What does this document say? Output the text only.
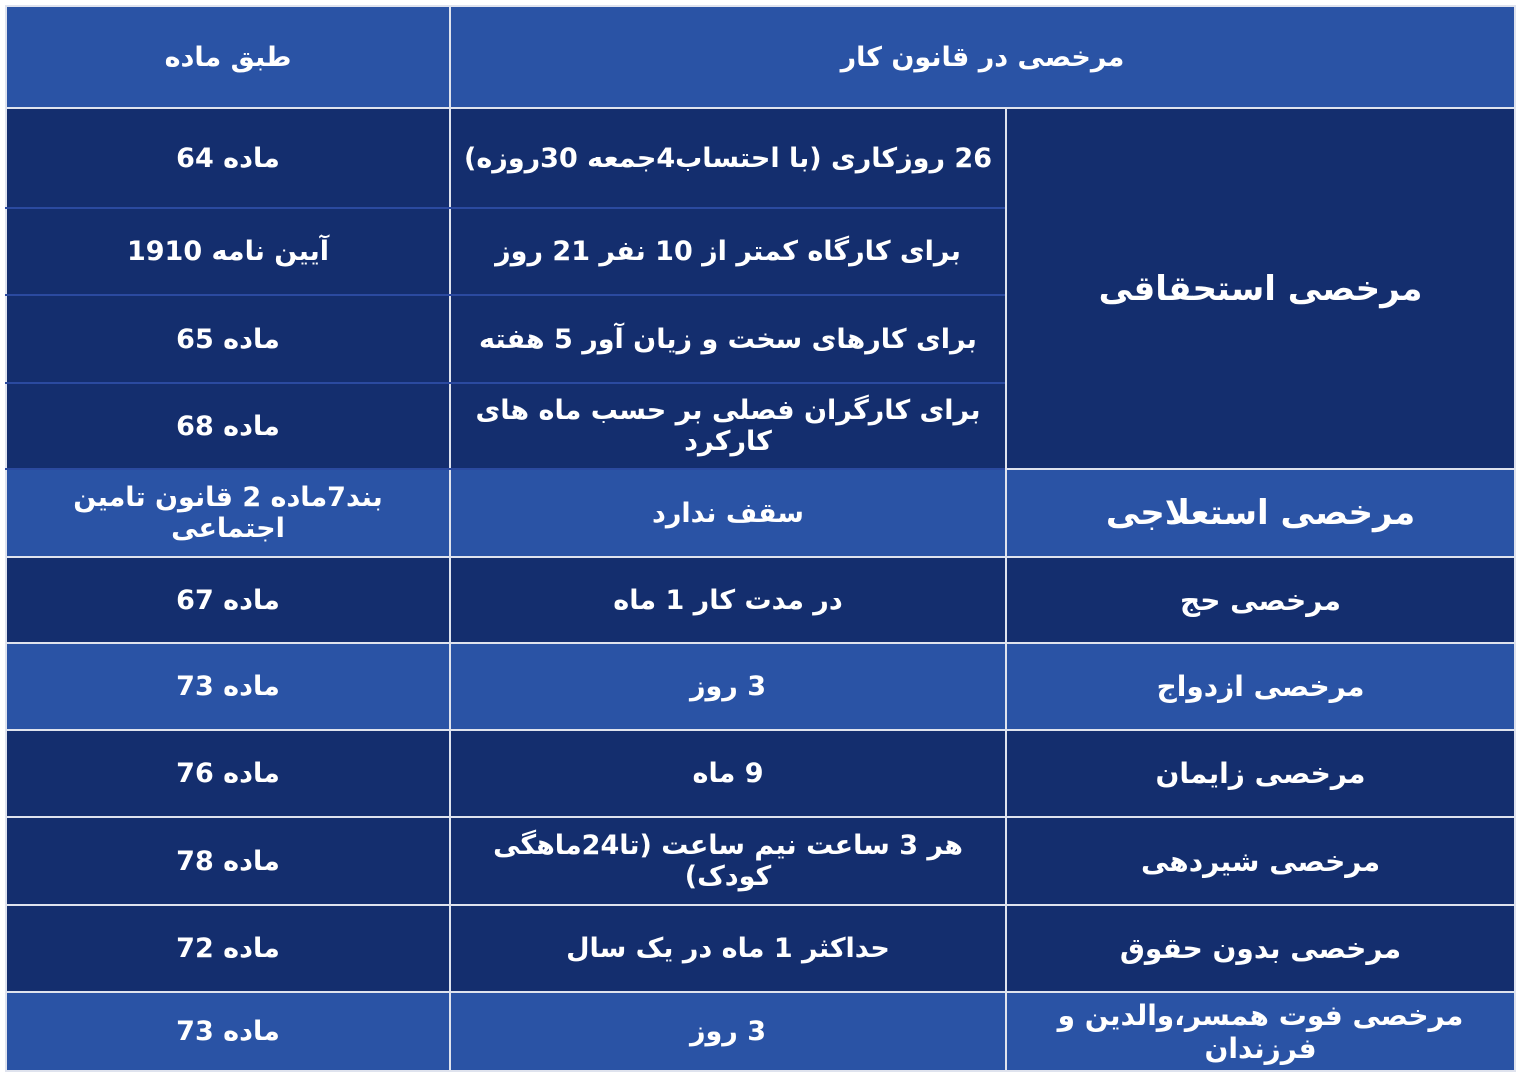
مرخصی در قانون کار		طبق ماده
مرخصی استحقاقی	26 روزکاری (با احتساب4جمعه 30روزه)	ماده 64
	برای کارگاه کمتر از 10 نفر 21 روز	آیین نامه 1910
	برای کارهای سخت و زیان آور 5 هفته	ماده 65
	برای کارگران فصلی بر حسب ماه های کارکرد	ماده 68
مرخصی استعلاجی	سقف ندارد	بند7ماده 2 قانون تامین اجتماعی
مرخصی حج	در مدت کار 1 ماه	ماده 67
مرخصی ازدواج	3 روز	ماده 73
مرخصی زایمان	9 ماه	ماده 76
مرخصی شیردهی	هر 3 ساعت نیم ساعت (تا24ماهگی کودک)	ماده 78
مرخصی بدون حقوق	حداکثر 1 ماه در یک سال	ماده 72
مرخصی فوت همسر،والدین و فرزندان	3 روز	ماده 73
